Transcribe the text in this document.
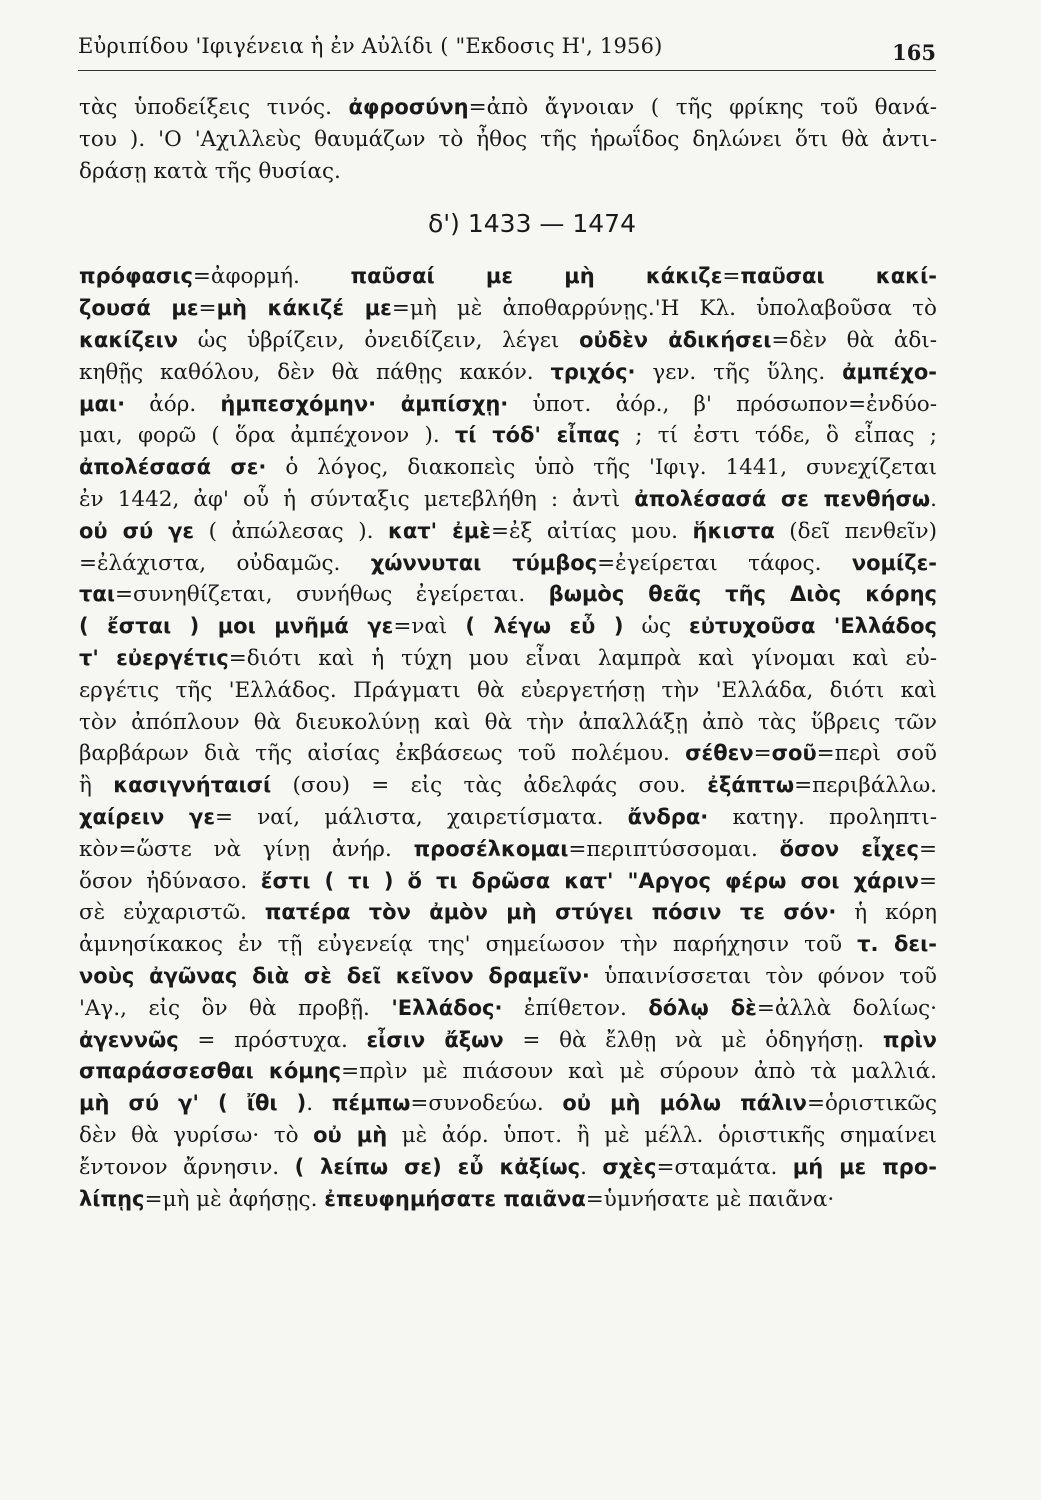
Εὐριπίδου 'Ιφιγένεια ἡ ἐν Αὐλίδι ( "Εκδοσις Η', 1956)	165
τὰς ὑποδείξεις τινός. ἀφροσύνη=ἀπὸ ἄγνοιαν ( τῆς φρίκης τοῦ θανά-
του ). 'Ο 'Αχιλλεὺς θαυμάζων τὸ ἦθος τῆς ἡρωΐδος δηλώνει ὅτι θὰ ἀντι-
δράσῃ κατὰ τῆς θυσίας.
δ') 1433 — 1474
πρόφασις=ἀφορμή. παῦσαί με μὴ κάκιζε=παῦσαι κακί-
ζουσά με=μὴ κάκιζέ με=μὴ μὲ ἀποθαρρύνῃς.'Η Κλ. ὑπολαβοῦσα τὸ
κακίζειν ὡς ὑβρίζειν, ὀνειδίζειν, λέγει οὐδὲν ἀδικήσει=δὲν θὰ ἀδι-
κηθῇς καθόλου, δὲν θὰ πάθῃς κακόν. τριχός· γεν. τῆς ὕλης. ἀμπέχο-
μαι· ἀόρ. ἠμπεσχόμην· ἀμπίσχῃ· ὑποτ. ἀόρ., β' πρόσωπον=ἐνδύο-
μαι, φορῶ ( ὅρα ἀμπέχονον ). τί τόδ' εἶπας ; τί ἐστι τόδε, ὃ εἶπας ;
ἀπολέσασά σε· ὁ λόγος, διακοπεὶς ὑπὸ τῆς 'Ιφιγ. 1441, συνεχίζεται
ἐν 1442, ἀφ' οὗ ἡ σύνταξις μετεβλήθη : ἀντὶ ἀπολέσασά σε πενθήσω.
οὐ σύ γε ( ἀπώλεσας ). κατ' ἐμὲ=ἐξ αἰτίας μου. ἥκιστα (δεῖ πενθεῖν)
=ἐλάχιστα, οὐδαμῶς. χώννυται τύμβος=ἐγείρεται τάφος. νομίζε-
ται=συνηθίζεται, συνήθως ἐγείρεται. βωμὸς θεᾶς τῆς Διὸς κόρης
( ἔσται ) μοι μνῆμά γε=ναὶ ( λέγω εὖ ) ὡς εὐτυχοῦσα 'Ελλάδος
τ' εὐεργέτις=διότι καὶ ἡ τύχη μου εἶναι λαμπρὰ καὶ γίνομαι καὶ εὐ-
εργέτις τῆς 'Ελλάδος. Πράγματι θὰ εὐεργετήσῃ τὴν 'Ελλάδα, διότι καὶ
τὸν ἀπόπλουν θὰ διευκολύνῃ καὶ θὰ τὴν ἀπαλλάξῃ ἀπὸ τὰς ὕβρεις τῶν
βαρβάρων διὰ τῆς αἰσίας ἐκβάσεως τοῦ πολέμου. σέθεν=σοῦ=περὶ σοῦ
ἢ κασιγνήταισί (σου) = εἰς τὰς ἀδελφάς σου. ἐξάπτω=περιβάλλω.
χαίρειν γε= ναί, μάλιστα, χαιρετίσματα. ἄνδρα· κατηγ. προληπτι-
κὸν=ὥστε νὰ γίνῃ ἀνήρ. προσέλκομαι=περιπτύσσομαι. ὅσον εἶχες=
ὅσον ἠδύνασο. ἔστι ( τι ) ὅ τι δρῶσα κατ' "Αργος φέρω σοι χάριν=
σὲ εὐχαριστῶ. πατέρα τὸν ἀμὸν μὴ στύγει πόσιν τε σόν· ἡ κόρη
ἀμνησίκακος ἐν τῇ εὐγενείᾳ της' σημείωσον τὴν παρήχησιν τοῦ τ. δει-
νοὺς ἀγῶνας διὰ σὲ δεῖ κεῖνον δραμεῖν· ὑπαινίσσεται τὸν φόνον τοῦ
'Αγ., εἰς ὃν θὰ προβῇ. 'Ελλάδος· ἐπίθετον. δόλῳ δὲ=ἀλλὰ δολίως·
ἀγεννῶς = πρόστυχα. εἶσιν ἄξων = θὰ ἔλθῃ νὰ μὲ ὁδηγήσῃ. πρὶν
σπαράσσεσθαι κόμης=πρὶν μὲ πιάσουν καὶ μὲ σύρουν ἀπὸ τὰ μαλλιά.
μὴ σύ γ' ( ἴθι ). πέμπω=συνοδεύω. οὐ μὴ μόλω πάλιν=ὁριστικῶς
δὲν θὰ γυρίσω· τὸ οὐ μὴ μὲ ἀόρ. ὑποτ. ἢ μὲ μέλλ. ὁριστικῆς σημαίνει
ἔντονον ἄρνησιν. ( λείπω σε) εὖ κἀξίως. σχὲς=σταμάτα. μή με προ-
λίπῃς=μὴ μὲ ἀφήσῃς. ἐπευφημήσατε παιᾶνα=ὑμνήσατε μὲ παιᾶνα·
